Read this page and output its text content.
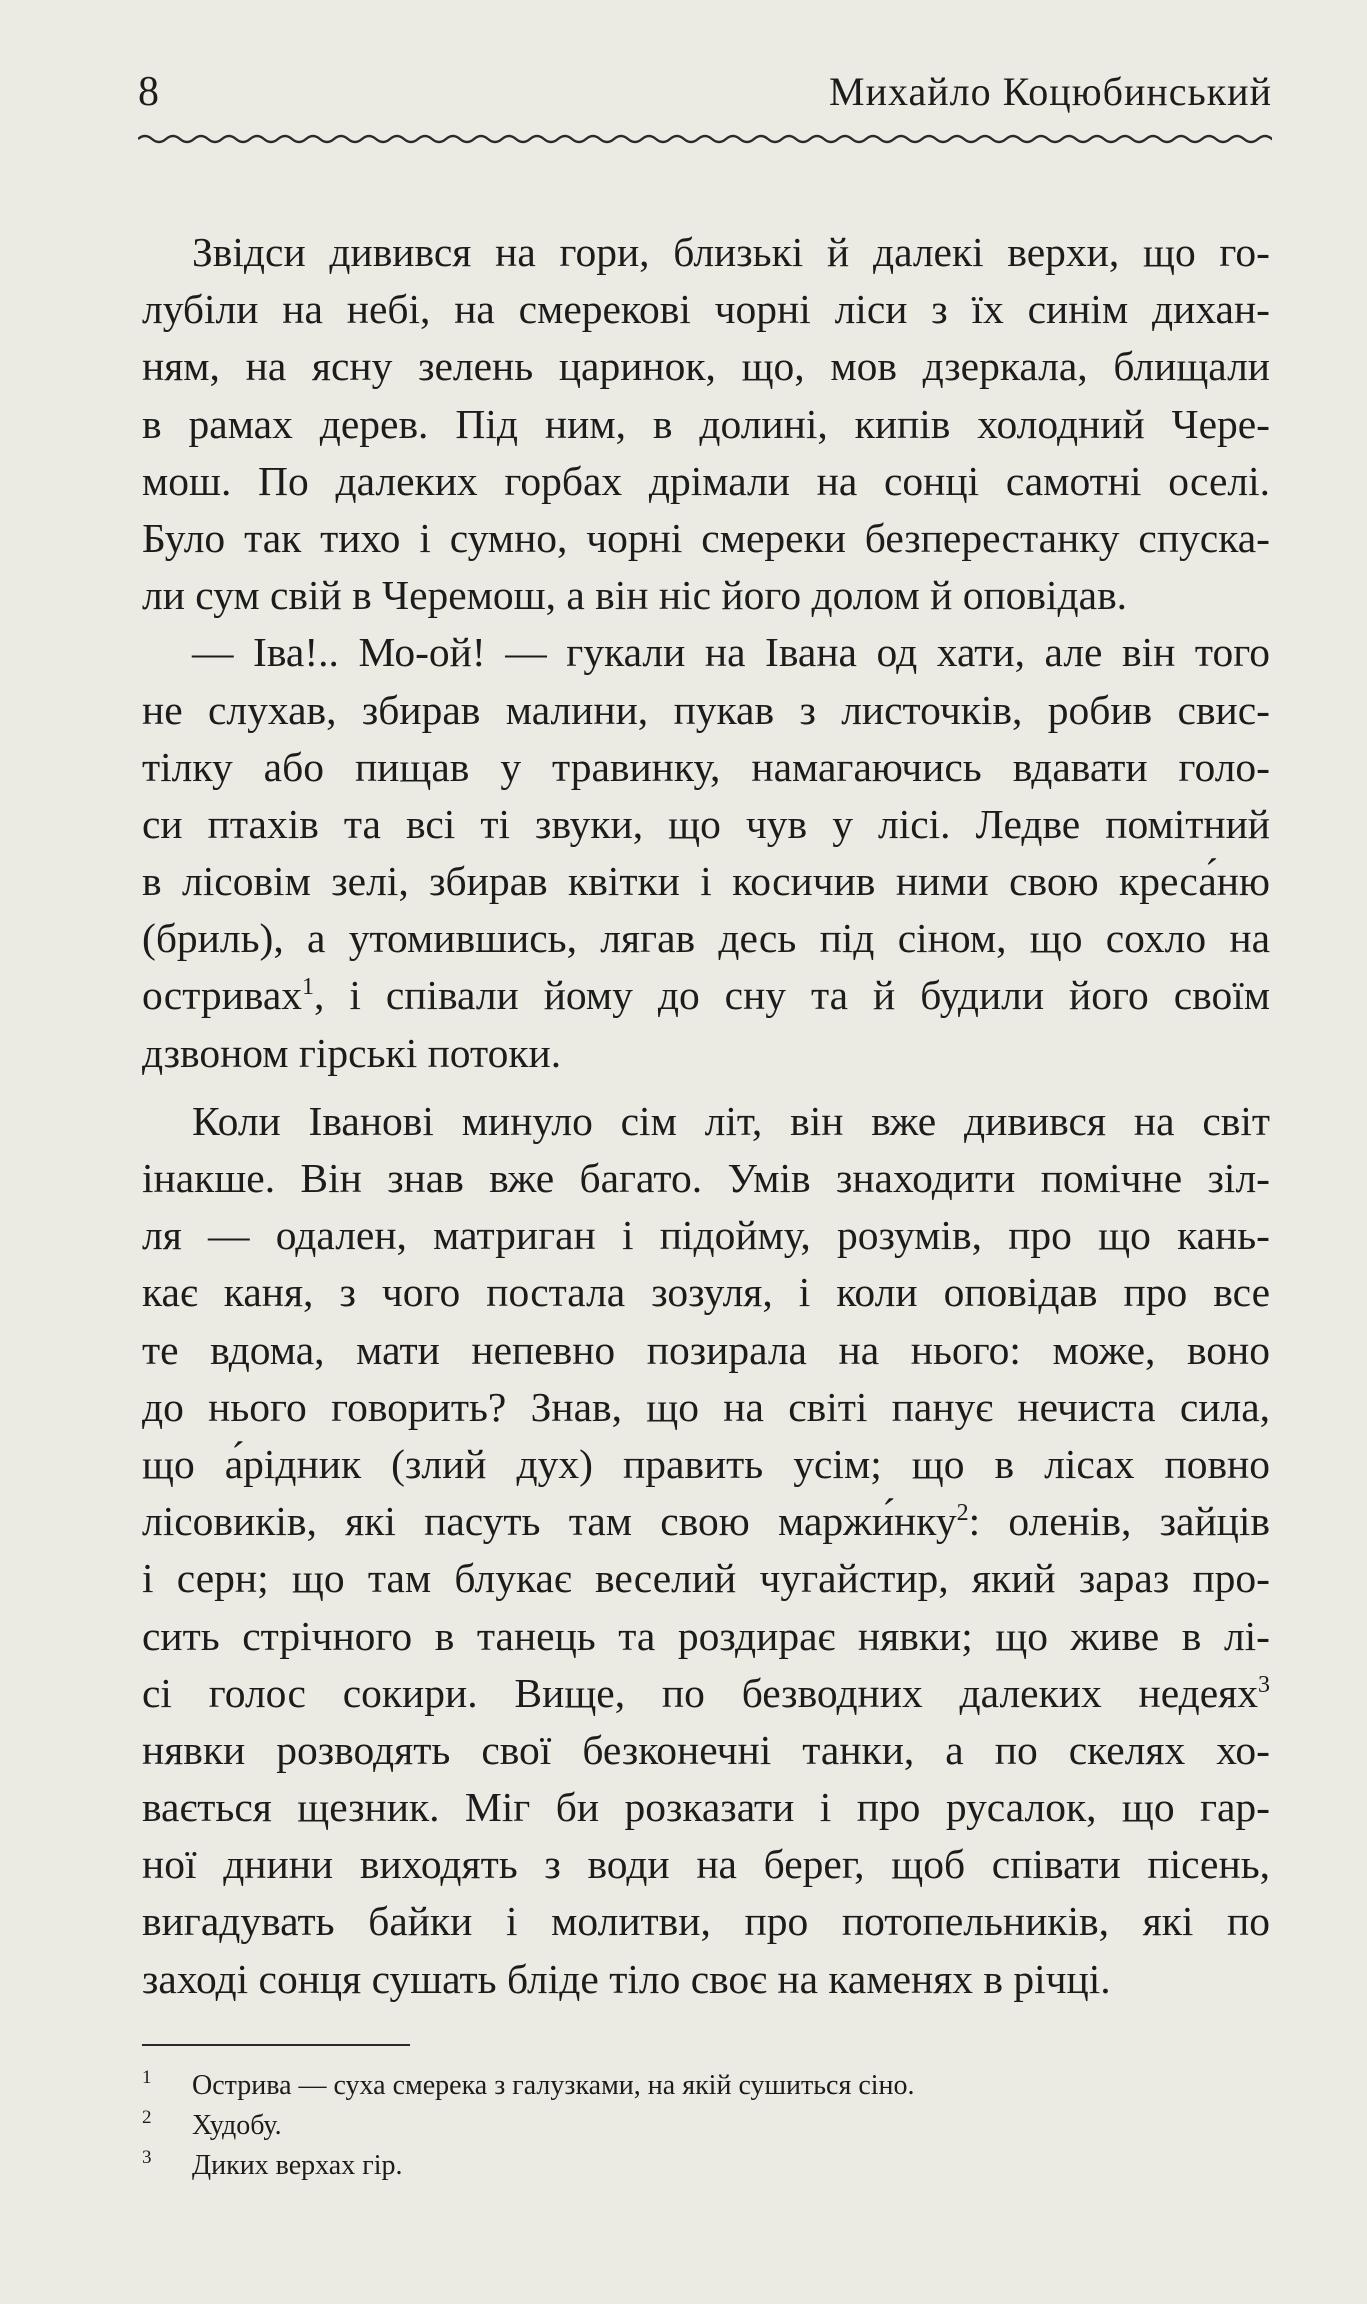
8	Михайло Коцюбинський
Звідси дивився на гори, близькі й далекі верхи, що го-
лубіли на небі, на смерекові чорні ліси з їх синім дихан-
ням, на ясну зелень царинок, що, мов дзеркала, блищали
в рамах дерев. Під ним, в долині, кипів холодний Чере-
мош. По далеких горбах дрімали на сонці самотні оселі.
Було так тихо і сумно, чорні смереки безперестанку спуска-
ли сум свій в Черемош, а він ніс його долом й оповідав.
— Іва!.. Мо-ой! — гукали на Івана од хати, але він того
не слухав, збирав малини, пукав з листочків, робив свис-
тілку або пищав у травинку, намагаючись вдавати голо-
си птахів та всі ті звуки, що чув у лісі. Ледве помітний
в лісовім зелі, збирав квітки і косичив ними свою креса́ню
(бриль), а утомившись, лягав десь під сіном, що сохло на
остривах$^1$, і співали йому до сну та й будили його своїм
дзвоном гірські потоки.
Коли Іванові минуло сім літ, він вже дивився на світ
інакше. Він знав вже багато. Умів знаходити помічне зіл-
ля — одален, матриган і підойму, розумів, про що кань-
кає каня, з чого постала зозуля, і коли оповідав про все
те вдома, мати непевно позирала на нього: може, воно
до нього говорить? Знав, що на світі панує нечиста сила,
що а́рідник (злий дух) править усім; що в лісах повно
лісовиків, які пасуть там свою маржи́нку$^2$: оленів, зайців
і серн; що там блукає веселий чугайстир, який зараз про-
сить стрічного в танець та роздирає нявки; що живе в лі-
сі голос сокири. Вище, по безводних далеких недеях$^3$
нявки розводять свої безконечні танки, а по скелях хо-
вається щезник. Міг би розказати і про русалок, що гар-
ної днини виходять з води на берег, щоб співати пісень,
вигадувать байки і молитви, про потопельників, які по
заході сонця сушать бліде тіло своє на каменях в річці.
1 Острива — суха смерека з галузками, на якій сушиться сіно.
2 Худобу.
3 Диких верхах гір.
